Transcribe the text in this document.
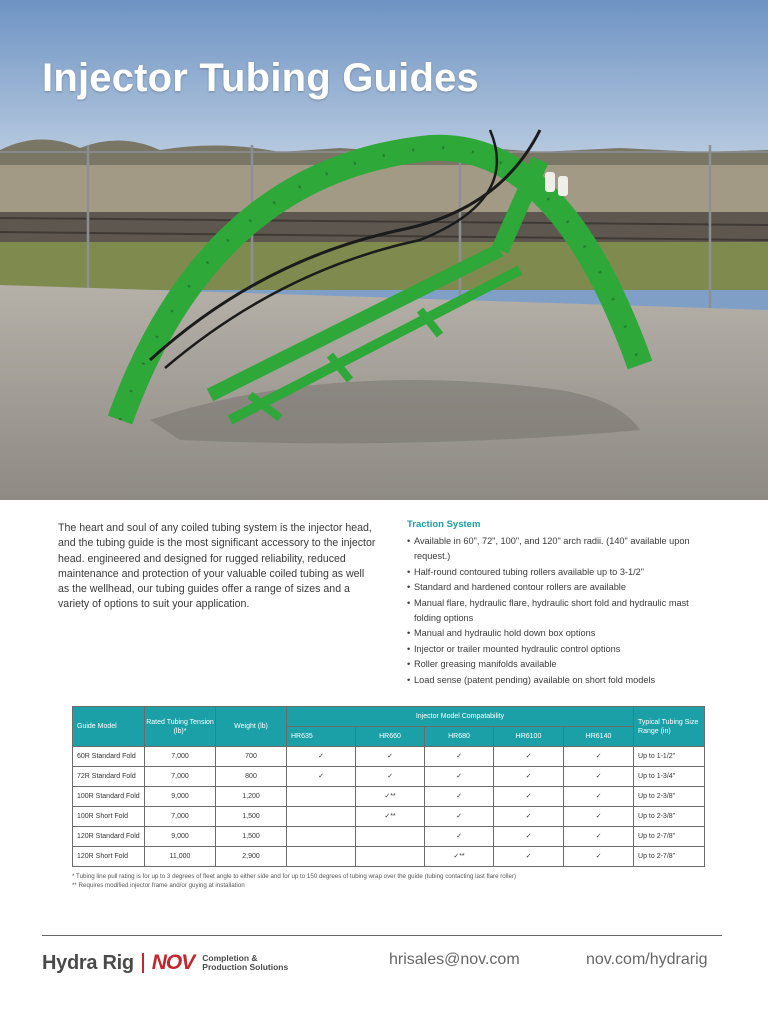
Injector Tubing Guides

The heart and soul of any coiled tubing system is the injector head, and the tubing guide is the most significant accessory to the injector head. engineered and designed for rugged reliability, reduced maintenance and protection of your valuable coiled tubing as well as the wellhead, our tubing guides offer a range of sizes and a variety of options to suit your application.

Traction System
• Available in 60", 72", 100", and 120" arch radii. (140" available upon request.)
• Half-round contoured tubing rollers available up to 3-1/2"
• Standard and hardened contour rollers are available
• Manual flare, hydraulic flare, hydraulic short fold and hydraulic mast folding options
• Manual and hydraulic hold down box options
• Injector or trailer mounted hydraulic control options
• Roller greasing manifolds available
• Load sense (patent pending) available on short fold models
Guide Model	Rated Tubing Tension (lb)*	Weight (lb)	Injector Model Compatability					Typical Tubing Size Range (in)
			HR635	HR660	HR680	HR6100	HR6140	
60R Standard Fold	7,000	700	✓	✓	✓	✓	✓	Up to 1-1/2"
72R Standard Fold	7,000	800	✓	✓	✓	✓	✓	Up to 1-3/4"
100R Standard Fold	9,000	1,200		✓**	✓	✓	✓	Up to 2-3/8"
100R Short Fold	7,000	1,500		✓**	✓	✓	✓	Up to 2-3/8"
120R Standard Fold	9,000	1,500			✓	✓	✓	Up to 2-7/8"
120R Short Fold	11,000	2,900			✓**	✓	✓	Up to 2-7/8"
* Tubing line pull rating is for up to 3 degrees of fleet angle to either side and for up to 150 degrees of tubing wrap over the guide (tubing contacting last flare roller)
** Requires modified injector frame and/or guying at installation
Hydra Rig NOV Completion &
Production Solutions	hrisales@nov.com	nov.com/hydrarig
